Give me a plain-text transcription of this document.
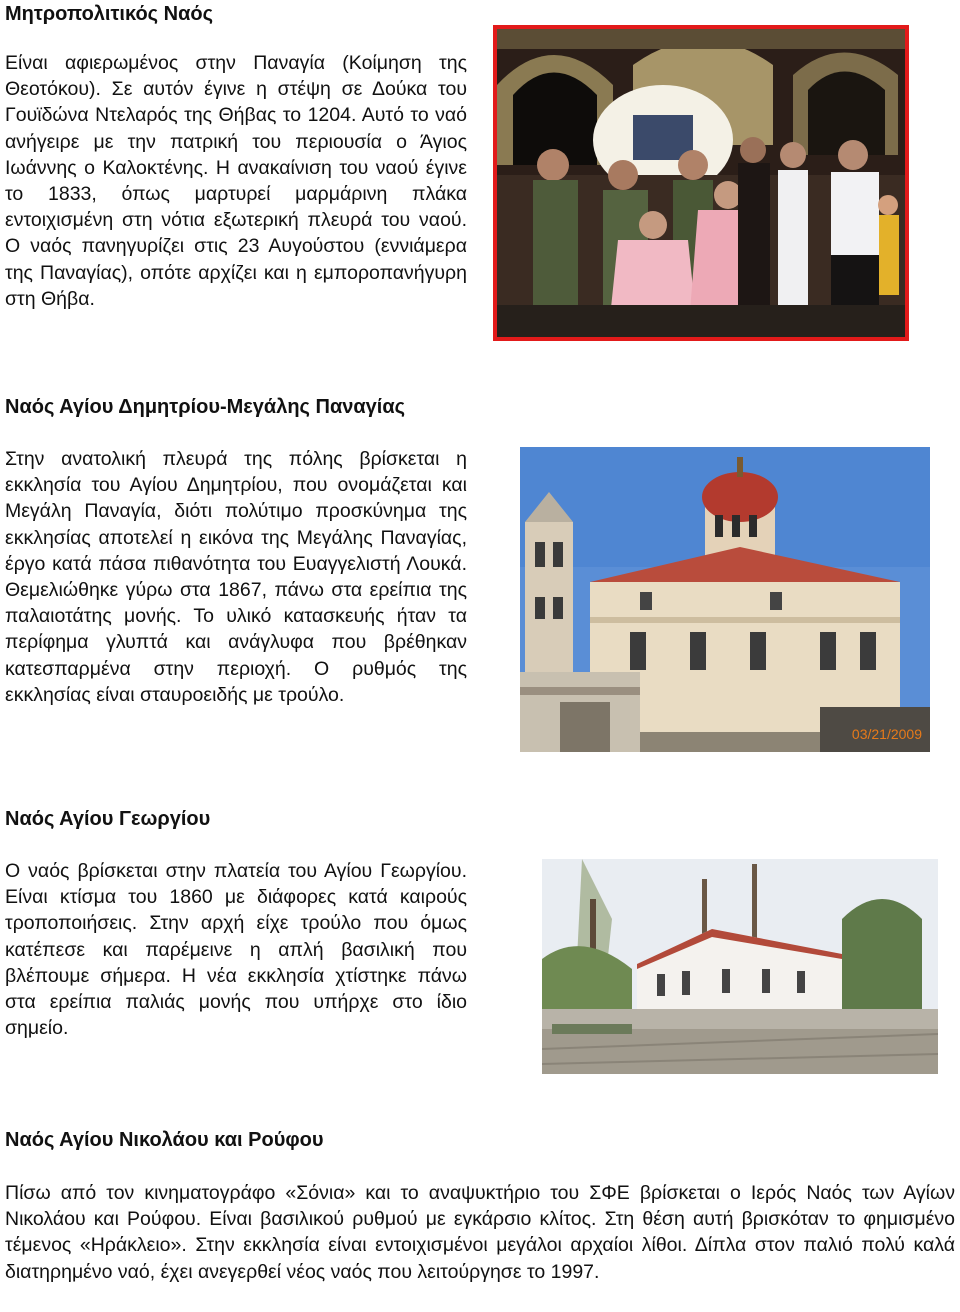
Μητροπολιτικός Ναός

Είναι αφιερωμένος στην Παναγία (Κοίμηση της Θεοτόκου). Σε αυτόν έγινε η στέψη σε Δούκα του Γουϊδώνα Ντελαρός της Θήβας το 1204. Αυτό το ναό ανήγειρε με την πατρική του περιουσία ο Άγιος Ιωάννης ο Καλοκτένης. Η ανακαίνιση του ναού έγινε το 1833, όπως μαρτυρεί μαρμάρινη πλάκα εντοιχισμένη στη νότια εξωτερική πλευρά του ναού. Ο ναός πανηγυρίζει στις 23 Αυγούστου (εννιάμερα της Παναγίας), οπότε αρχίζει και η εμποροπανήγυρη στη Θήβα.

Ναός Αγίου Δημητρίου-Μεγάλης Παναγίας

Στην ανατολική πλευρά της πόλης βρίσκεται η εκκλησία του Αγίου Δημητρίου, που ονομάζεται και Μεγάλη Παναγία, διότι πολύτιμο προσκύνημα της εκκλησίας αποτελεί η εικόνα της Μεγάλης Παναγίας, έργο κατά πάσα πιθανότητα του Ευαγγελιστή Λουκά. Θεμελιώθηκε γύρω στα 1867, πάνω στα ερείπια της παλαιοτάτης μονής. Το υλικό κατασκευής ήταν τα περίφημα γλυπτά και ανάγλυφα που βρέθηκαν κατεσπαρμένα στην περιοχή. Ο ρυθμός της εκκλησίας είναι σταυροειδής με τρούλο.

03/21/2009
Ναός Αγίου Γεωργίου

Ο ναός βρίσκεται στην πλατεία του Αγίου Γεωργίου. Είναι κτίσμα του 1860 με διάφορες κατά καιρούς τροποποιήσεις. Στην αρχή είχε τρούλο που όμως κατέπεσε και παρέμεινε η απλή βασιλική που βλέπουμε σήμερα. Η νέα εκκλησία χτίστηκε πάνω στα ερείπια παλιάς μονής που υπήρχε στο ίδιο σημείο.

Ναός Αγίου Νικολάου και Ρούφου

Πίσω από τον κινηματογράφο «Σόνια» και το αναψυκτήριο του ΣΦΕ βρίσκεται ο Ιερός Ναός των Αγίων Νικολάου και Ρούφου. Είναι βασιλικού ρυθμού με εγκάρσιο κλίτος. Στη θέση αυτή βρισκόταν το φημισμένο τέμενος «Ηράκλειο». Στην εκκλησία είναι εντοιχισμένοι μεγάλοι αρχαίοι λίθοι. Δίπλα στον παλιό πολύ καλά διατηρημένο ναό, έχει ανεγερθεί νέος ναός που λειτούργησε το 1997.
